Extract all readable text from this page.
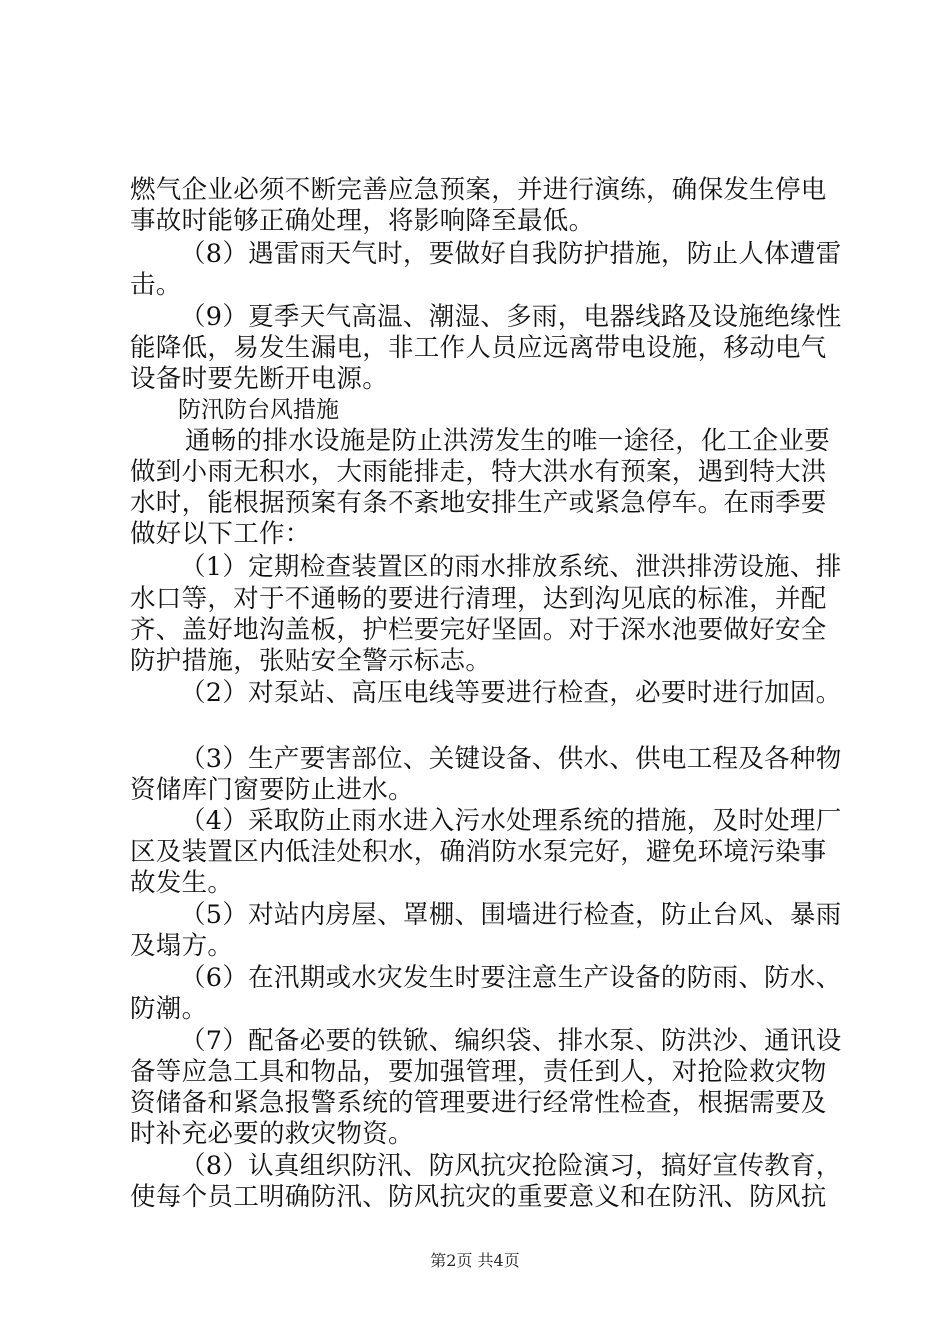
燃气企业必须不断完善应急预案，并进行演练，确保发生停电
事故时能够正确处理，将影响降至最低。
（8）遇雷雨天气时，要做好自我防护措施，防止人体遭雷
击。
（9）夏季天气高温、潮湿、多雨，电器线路及设施绝缘性
能降低，易发生漏电，非工作人员应远离带电设施，移动电气
设备时要先断开电源。
防汛防台风措施
通畅的排水设施是防止洪涝发生的唯一途径，化工企业要
做到小雨无积水，大雨能排走，特大洪水有预案，遇到特大洪
水时，能根据预案有条不紊地安排生产或紧急停车。在雨季要
做好以下工作：
（1）定期检查装置区的雨水排放系统、泄洪排涝设施、排
水口等，对于不通畅的要进行清理，达到沟见底的标准，并配
齐、盖好地沟盖板，护栏要完好坚固。对于深水池要做好安全
防护措施，张贴安全警示标志。
（2）对泵站、高压电线等要进行检查，必要时进行加固。
（3）生产要害部位、关键设备、供水、供电工程及各种物
资储库门窗要防止进水。
（4）采取防止雨水进入污水处理系统的措施，及时处理厂
区及装置区内低洼处积水，确消防水泵完好，避免环境污染事
故发生。
（5）对站内房屋、罩棚、围墙进行检查，防止台风、暴雨
及塌方。
（6）在汛期或水灾发生时要注意生产设备的防雨、防水、
防潮。
（7）配备必要的铁锨、编织袋、排水泵、防洪沙、通讯设
备等应急工具和物品，要加强管理，责任到人，对抢险救灾物
资储备和紧急报警系统的管理要进行经常性检查，根据需要及
时补充必要的救灾物资。
（8）认真组织防汛、防风抗灾抢险演习，搞好宣传教育，
使每个员工明确防汛、防风抗灾的重要意义和在防汛、防风抗
第2页 共4页
